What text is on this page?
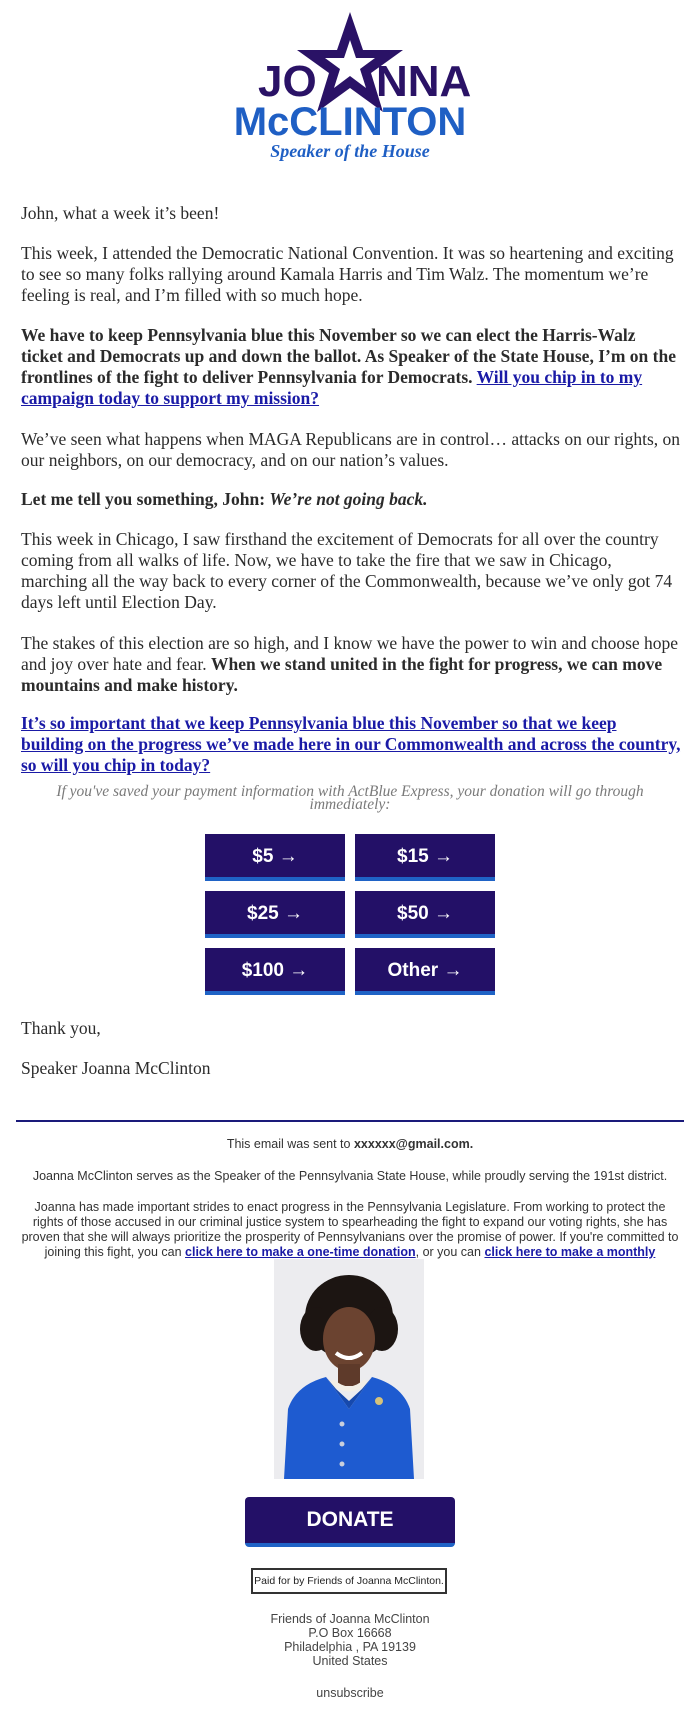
JO NNA
McCLINTON
Speaker of the House

John, what a week it’s been!

This week, I attended the Democratic National Convention. It was so heartening and exciting to see so many folks rallying around Kamala Harris and Tim Walz. The momentum we’re feeling is real, and I’m filled with so much hope.

We have to keep Pennsylvania blue this November so we can elect the Harris-Walz ticket and Democrats up and down the ballot. As Speaker of the State House, I’m on the frontlines of the fight to deliver Pennsylvania for Democrats. Will you chip in to my campaign today to support my mission?

We’ve seen what happens when MAGA Republicans are in control… attacks on our rights, on our neighbors, on our democracy, and on our nation’s values.

Let me tell you something, John: We’re not going back.

This week in Chicago, I saw firsthand the excitement of Democrats for all over the country coming from all walks of life. Now, we have to take the fire that we saw in Chicago, marching all the way back to every corner of the Commonwealth, because we’ve only got 74 days left until Election Day.

The stakes of this election are so high, and I know we have the power to win and choose hope and joy over hate and fear. When we stand united in the fight for progress, we can move mountains and make history.

It’s so important that we keep Pennsylvania blue this November so that we keep building on the progress we’ve made here in our Commonwealth and across the country, so will you chip in today?

If you've saved your payment information with ActBlue Express, your donation will go through immediately:
$5 →	$15 →
$25 →	$50 →
$100 →	Other →
Thank you,
Speaker Joanna McClinton
This email was sent to xxxxxx@gmail.com.
Joanna McClinton serves as the Speaker of the Pennsylvania State House, while proudly serving the 191st district.
Joanna has made important strides to enact progress in the Pennsylvania Legislature. From working to protect the rights of those accused in our criminal justice system to spearheading the fight to expand our voting rights, she has proven that she will always prioritize the prosperity of Pennsylvanians over the promise of power. If you're committed to joining this fight, you can click here to make a one-time donation, or you can click here to make a monthly
DONATE
Paid for by Friends of Joanna McClinton.
Friends of Joanna McClinton
P.O Box 16668
Philadelphia , PA 19139
United States
unsubscribe
